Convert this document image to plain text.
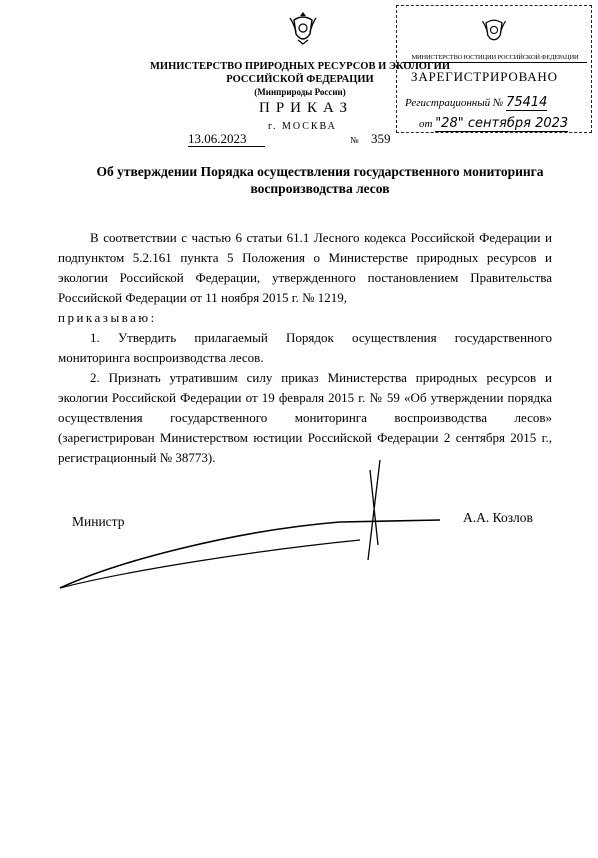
МИНИСТЕРСТВО ПРИРОДНЫХ РЕСУРСОВ И ЭКОЛОГИИ
РОССИЙСКОЙ ФЕДЕРАЦИИ
(Минприроды России)
ПРИКАЗ
13.06.2023
г. МОСКВА
№ 359
МИНИСТЕРСТВО ЮСТИЦИИ РОССИЙСКОЙ ФЕДЕРАЦИИ
ЗАРЕГИСТРИРОВАНО
Регистрационный № 75414
от "28" сентября 2023
Об утверждении Порядка осуществления государственного мониторинга
воспроизводства лесов

В соответствии с частью 6 статьи 61.1 Лесного кодекса Российской Федерации и подпунктом 5.2.161 пункта 5 Положения о Министерстве природных ресурсов и экологии Российской Федерации, утвержденного постановлением Правительства Российской Федерации от 11 ноября 2015 г. № 1219,

приказываю:

1. Утвердить прилагаемый Порядок осуществления государственного мониторинга воспроизводства лесов.

2. Признать утратившим силу приказ Министерства природных ресурсов и экологии Российской Федерации от 19 февраля 2015 г. № 59 «Об утверждении порядка осуществления государственного мониторинга воспроизводства лесов» (зарегистрирован Министерством юстиции Российской Федерации 2 сентября 2015 г., регистрационный № 38773).

Министр	А.А. Козлов
